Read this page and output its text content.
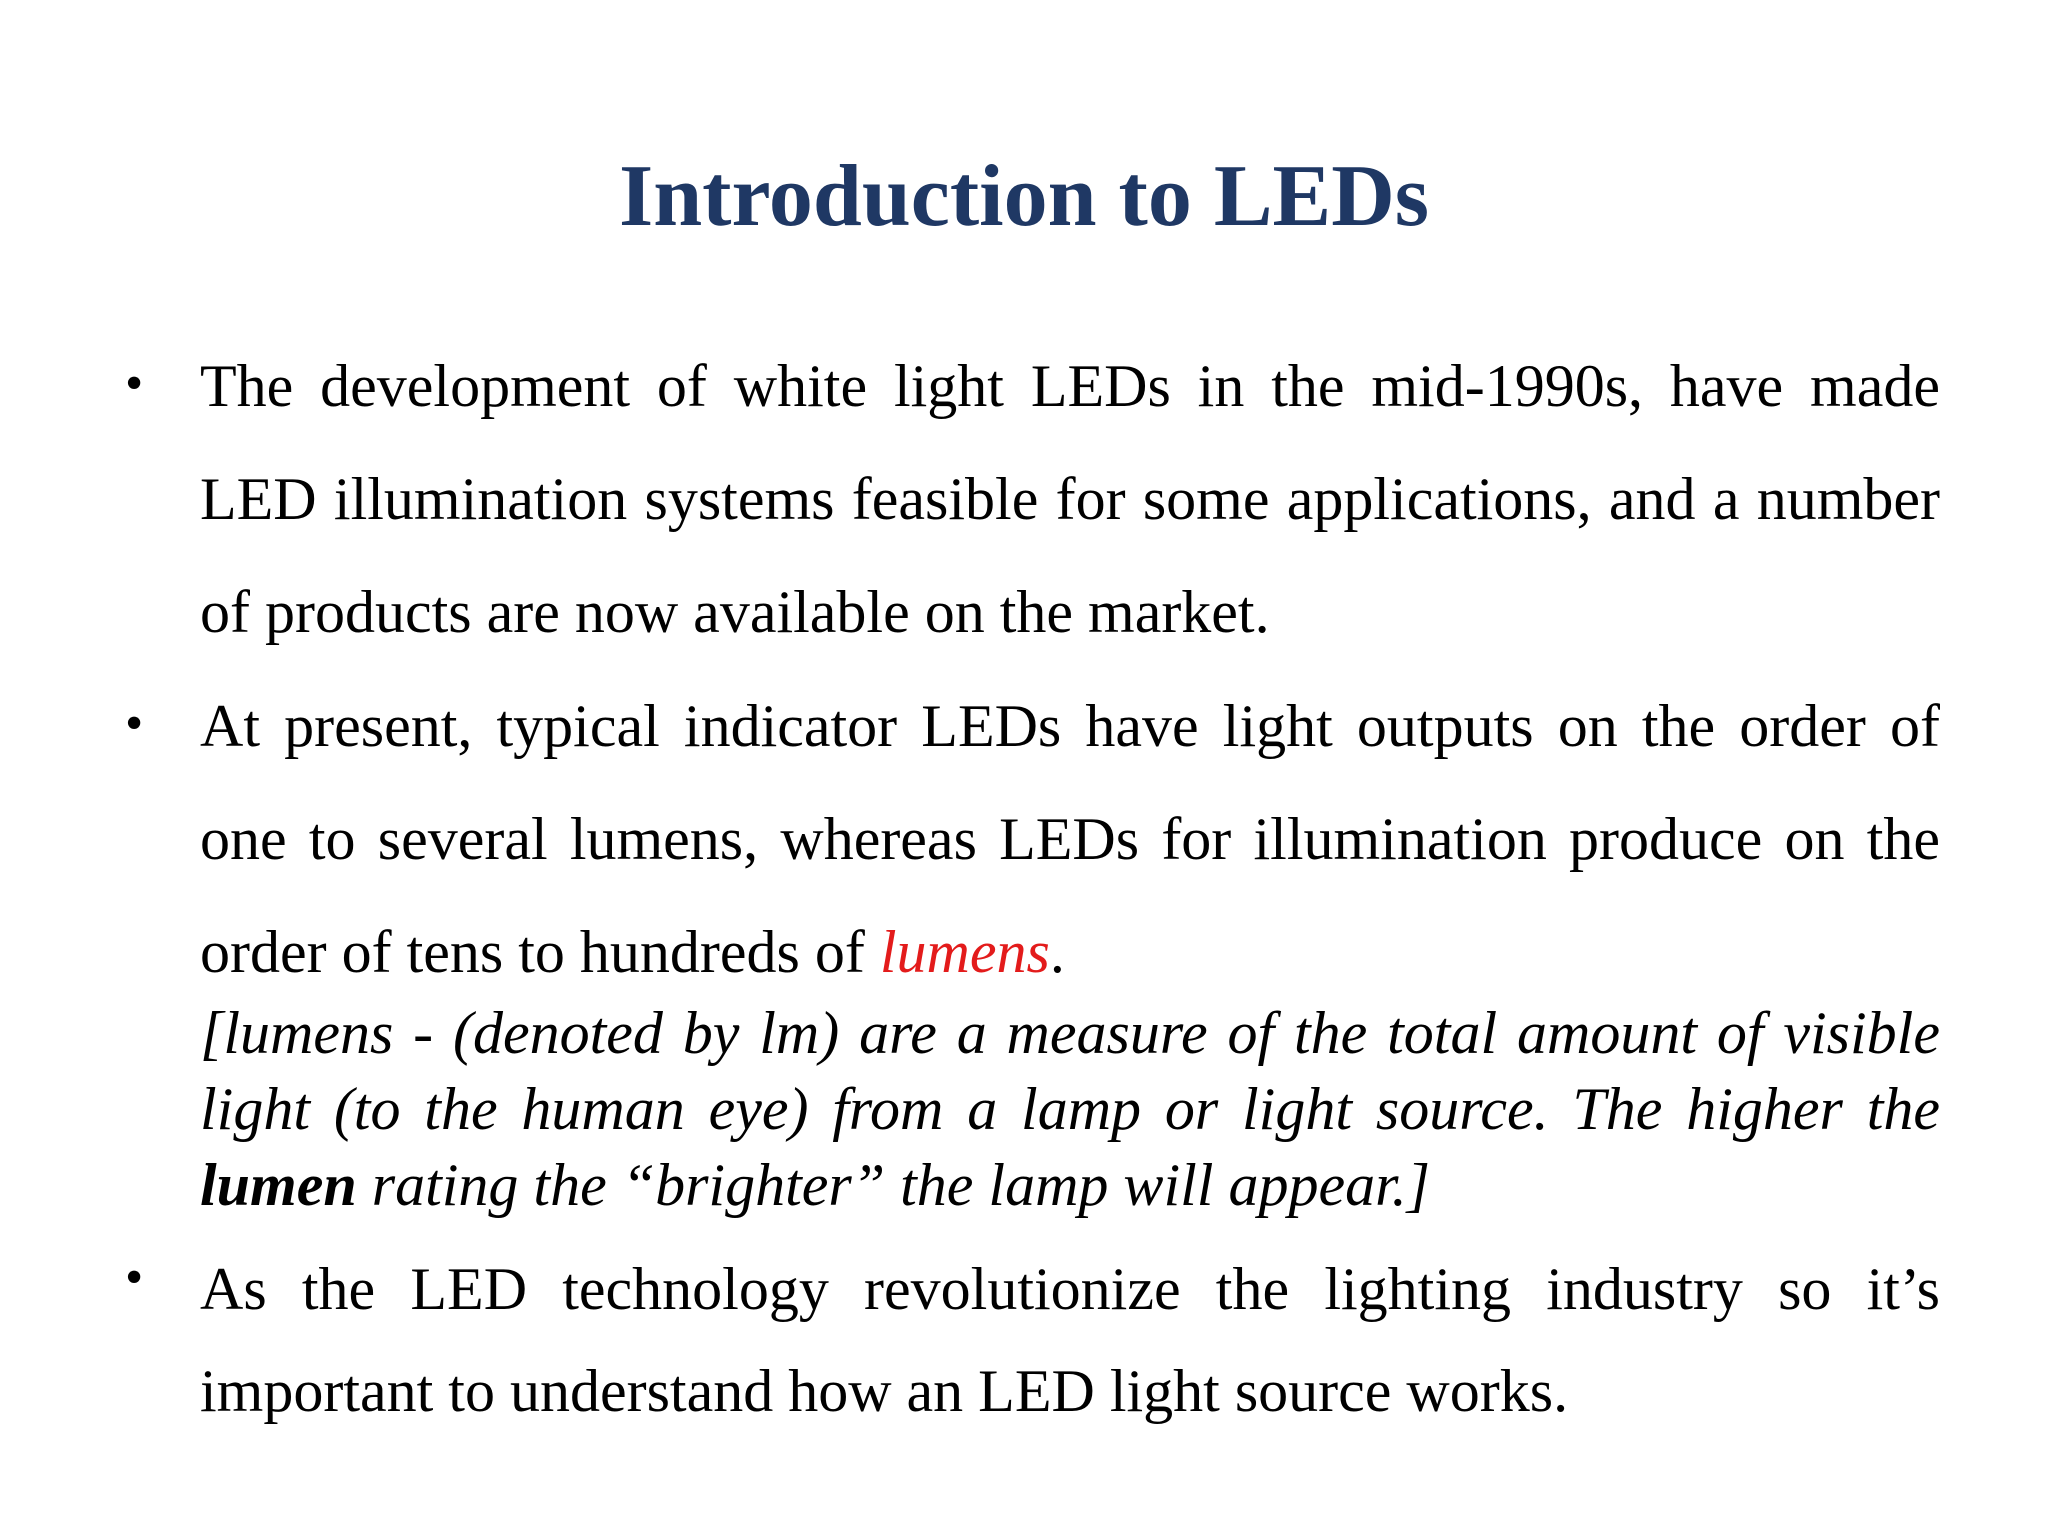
Introduction to LEDs
• The development of white light LEDs in the mid-1990s, have made LED illumination systems feasible for some applications, and a number of products are now available on the market.

• At present, typical indicator LEDs have light outputs on the order of one to several lumens, whereas LEDs for illumination produce on the order of tens to hundreds of lumens.

[lumens - (denoted by lm) are a measure of the total amount of visible light (to the human eye) from a lamp or light source. The higher the lumen rating the “brighter” the lamp will appear.]

• As the LED technology revolutionize the lighting industry so it’s important to understand how an LED light source works.
